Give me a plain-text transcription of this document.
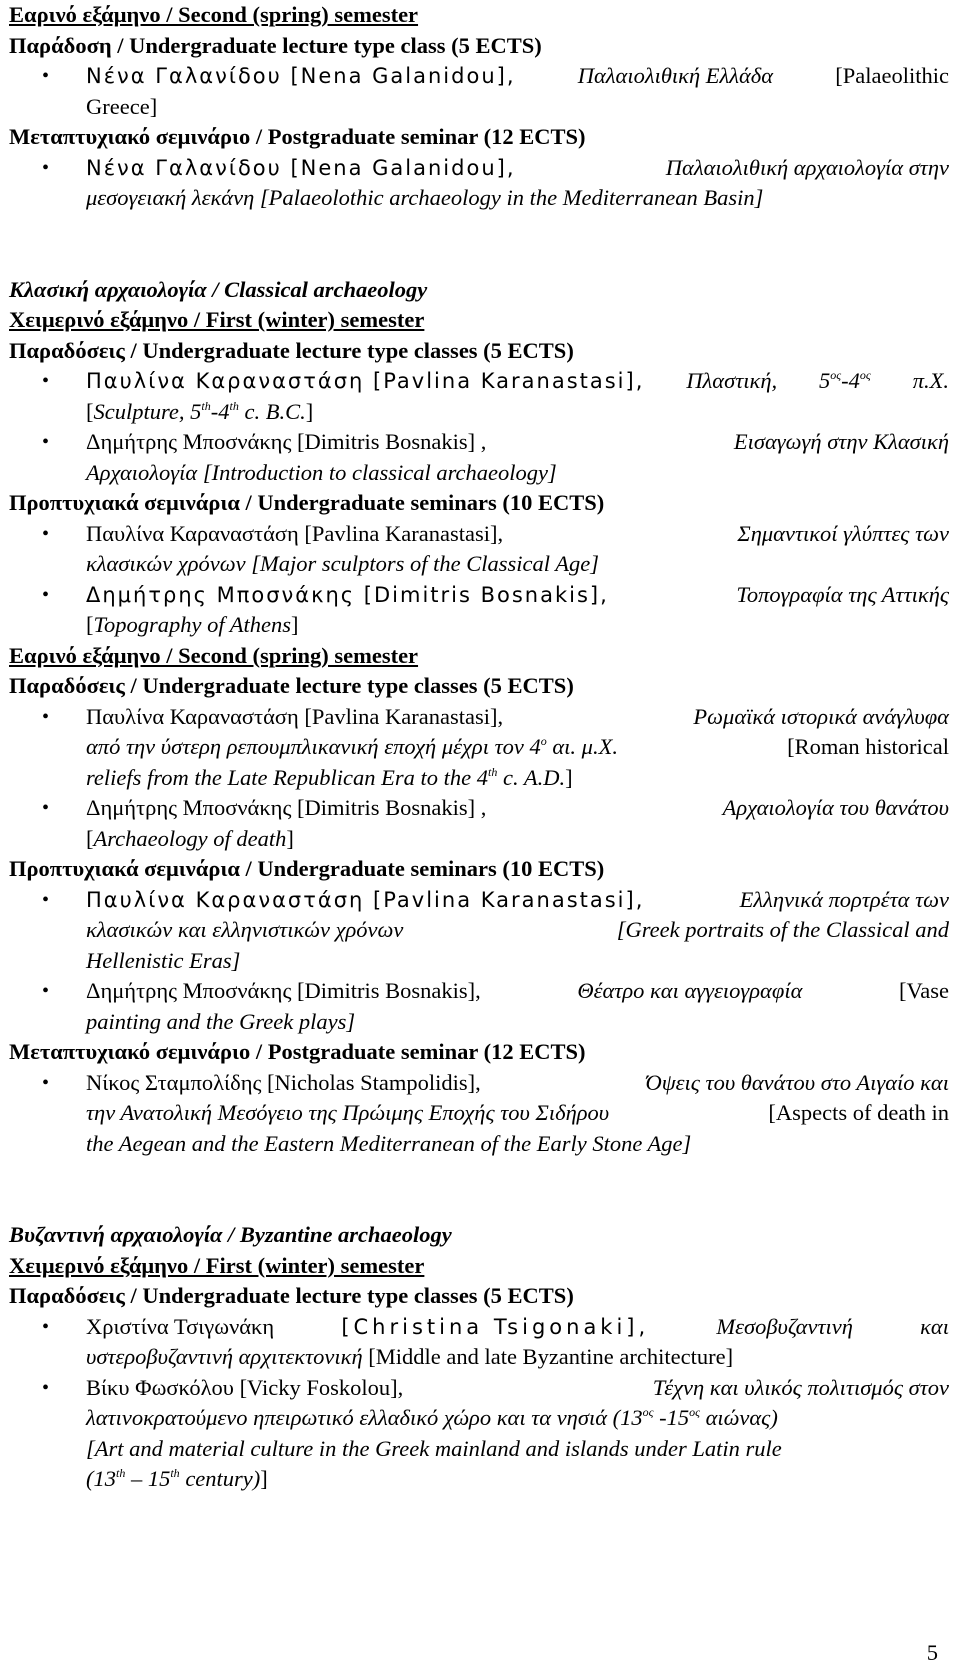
Εαρινό εξάμηνο / Second (spring) semester
Παράδοση / Undergraduate lecture type class (5 ECTS)
• Νένα Γαλανίδου [Nena Galanidou],	Παλαιολιθική Ελλάδα	[Palaeolithic
Greece]
Μεταπτυχιακό σεμινάριο / Postgraduate seminar (12 ECTS)
• Νένα Γαλανίδου [Nena Galanidou],	Παλαιολιθική αρχαιολογία στην
μεσογειακή λεκάνη [Palaeolothic archaeology in the Mediterranean Basin]
Κλασική αρχαιολογία / Classical archaeology
Χειμερινό εξάμηνο / First (winter) semester
Παραδόσεις / Undergraduate lecture type classes (5 ECTS)
• Παυλίνα Καραναστάση [Pavlina Karanastasi], Πλαστική, $5^{o\varsigma}-4^{o\varsigma}$ π.Χ.
[Sculpture, 5th-4th c. B.C.]
• Δημήτρης Μποσνάκης [Dimitris Bosnakis] ,	Εισαγωγή στην Κλασική
Αρχαιολογία [Introduction to classical archaeology]
Προπτυχιακά σεμινάρια / Undergraduate seminars (10 ECTS)
• Παυλίνα Καραναστάση [Pavlina Karanastasi],	Σημαντικοί γλύπτες των
κλασικών χρόνων [Major sculptors of the Classical Age]
• Δημήτρης Μποσνάκης [Dimitris Bosnakis],	Τοπογραφία της Αττικής
[Topography of Athens]
Εαρινό εξάμηνο / Second (spring) semester
Παραδόσεις / Undergraduate lecture type classes (5 ECTS)
• Παυλίνα Καραναστάση [Pavlina Karanastasi],	Ρωμαϊκά ιστορικά ανάγλυφα
από την ύστερη ρεπουμπλικανική εποχή μέχρι τον $4^o$ αι. μ.Χ.	[Roman historical
reliefs from the Late Republican Era to the 4th c. A.D.]
• Δημήτρης Μποσνάκης [Dimitris Bosnakis] ,	Αρχαιολογία του θανάτου
[Archaeology of death]
Προπτυχιακά σεμινάρια / Undergraduate seminars (10 ECTS)
• Παυλίνα Καραναστάση [Pavlina Karanastasi],	Ελληνικά πορτρέτα των
κλασικών και ελληνιστικών χρόνων	[Greek portraits of the Classical and
Hellenistic Eras]
• Δημήτρης Μποσνάκης [Dimitris Bosnakis],	Θέατρο και αγγειογραφία	[Vase
painting and the Greek plays]
Μεταπτυχιακό σεμινάριο / Postgraduate seminar (12 ECTS)
• Νίκος Σταμπολίδης [Nicholas Stampolidis],	Όψεις του θανάτου στο Αιγαίο και
την Ανατολική Μεσόγειο της Πρώιμης Εποχής του Σιδήρου	[Aspects of death in
the Aegean and the Eastern Mediterranean of the Early Stone Age]
Βυζαντινή αρχαιολογία / Byzantine archaeology
Χειμερινό εξάμηνο / First (winter) semester
Παραδόσεις / Undergraduate lecture type classes (5 ECTS)
• Χριστίνα Τσιγωνάκη	[Christina Tsigonaki],	Μεσοβυζαντινή	και
υστεροβυζαντινή αρχιτεκτονική [Middle and late Byzantine architecture]
• Βίκυ Φωσκόλου [Vicky Foskolou],	Τέχνη και υλικός πολιτισμός στον
λατινοκρατούμενο ηπειρωτικό ελλαδικό χώρο και τα νησιά ($13^{o\varsigma}$ $-15^{o\varsigma}$ αιώνας)
[Art and material culture in the Greek mainland and islands under Latin rule
(13th – 15th century)]
5
